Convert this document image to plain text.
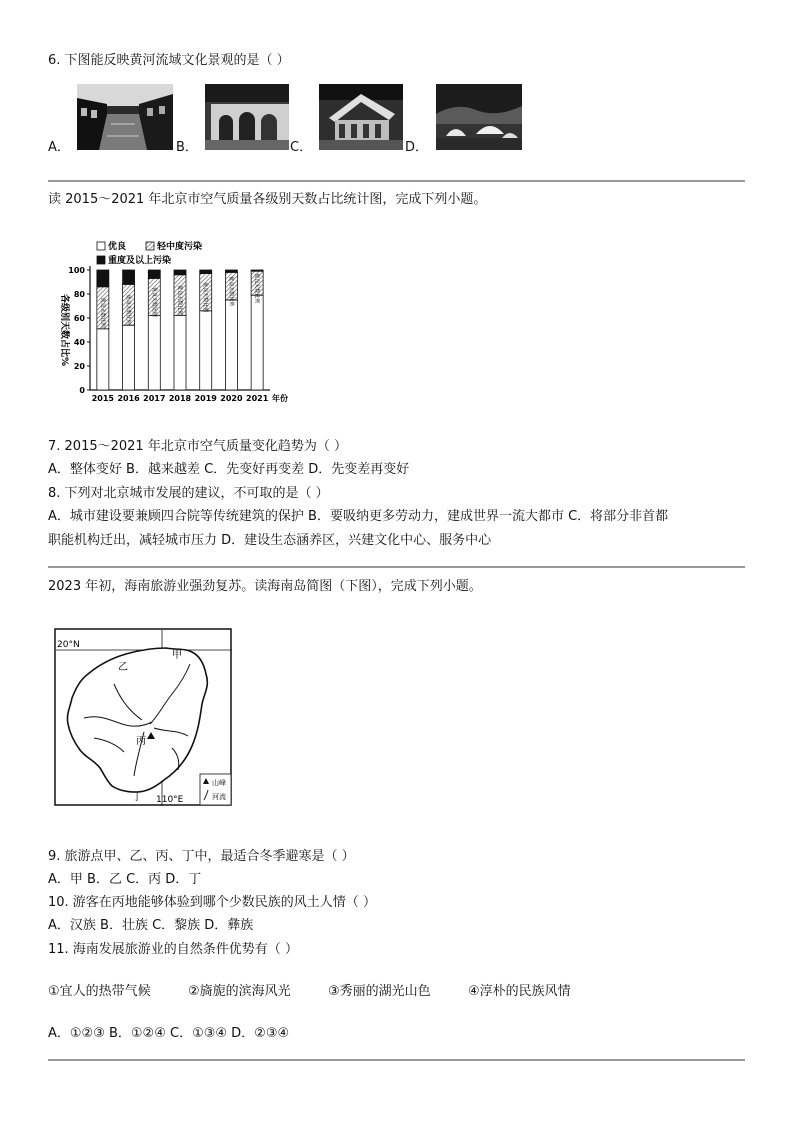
6. 下图能反映黄河流域文化景观的是（ ）
A．	B．	C．	D．
读 2015～2021 年北京市空气质量各级别天数占比统计图，完成下列小题。
0
20
40
60
80
100
各级别天数占比%
2015
优良天数比例
2016
优良天数比例
2017
优良天数比例
2018
优良天数比例
2019
优良天数比例
2020
优良天数比例
2021
优良天数比例
年份
优良	轻中度污染
重度及以上污染
7. 2015～2021 年北京市空气质量变化趋势为（ ）
A．整体变好 B．越来越差 C．先变好再变差 D．先变差再变好
8. 下列对北京城市发展的建议，不可取的是（ ）
A．城市建设要兼顾四合院等传统建筑的保护 B．要吸纳更多劳动力，建成世界一流大都市 C．将部分非首都
职能机构迁出，减轻城市压力 D．建设生态涵养区，兴建文化中心、服务中心
2023 年初，海南旅游业强劲复苏。读海南岛简图（下图），完成下列小题。
20°N
110°E
甲
乙
丙
丁
山峰
河流
9. 旅游点甲、乙、丙、丁中，最适合冬季避寒是（ ）
A．甲 B．乙 C．丙 D．丁
10. 游客在丙地能够体验到哪个少数民族的风土人情（ ）
A．汉族 B．壮族 C．黎族 D．彝族
11. 海南发展旅游业的自然条件优势有（ ）
①宜人的热带气候	②旖旎的滨海风光	③秀丽的湖光山色	④淳朴的民族风情
A．①②③ B．①②④ C．①③④ D．②③④
